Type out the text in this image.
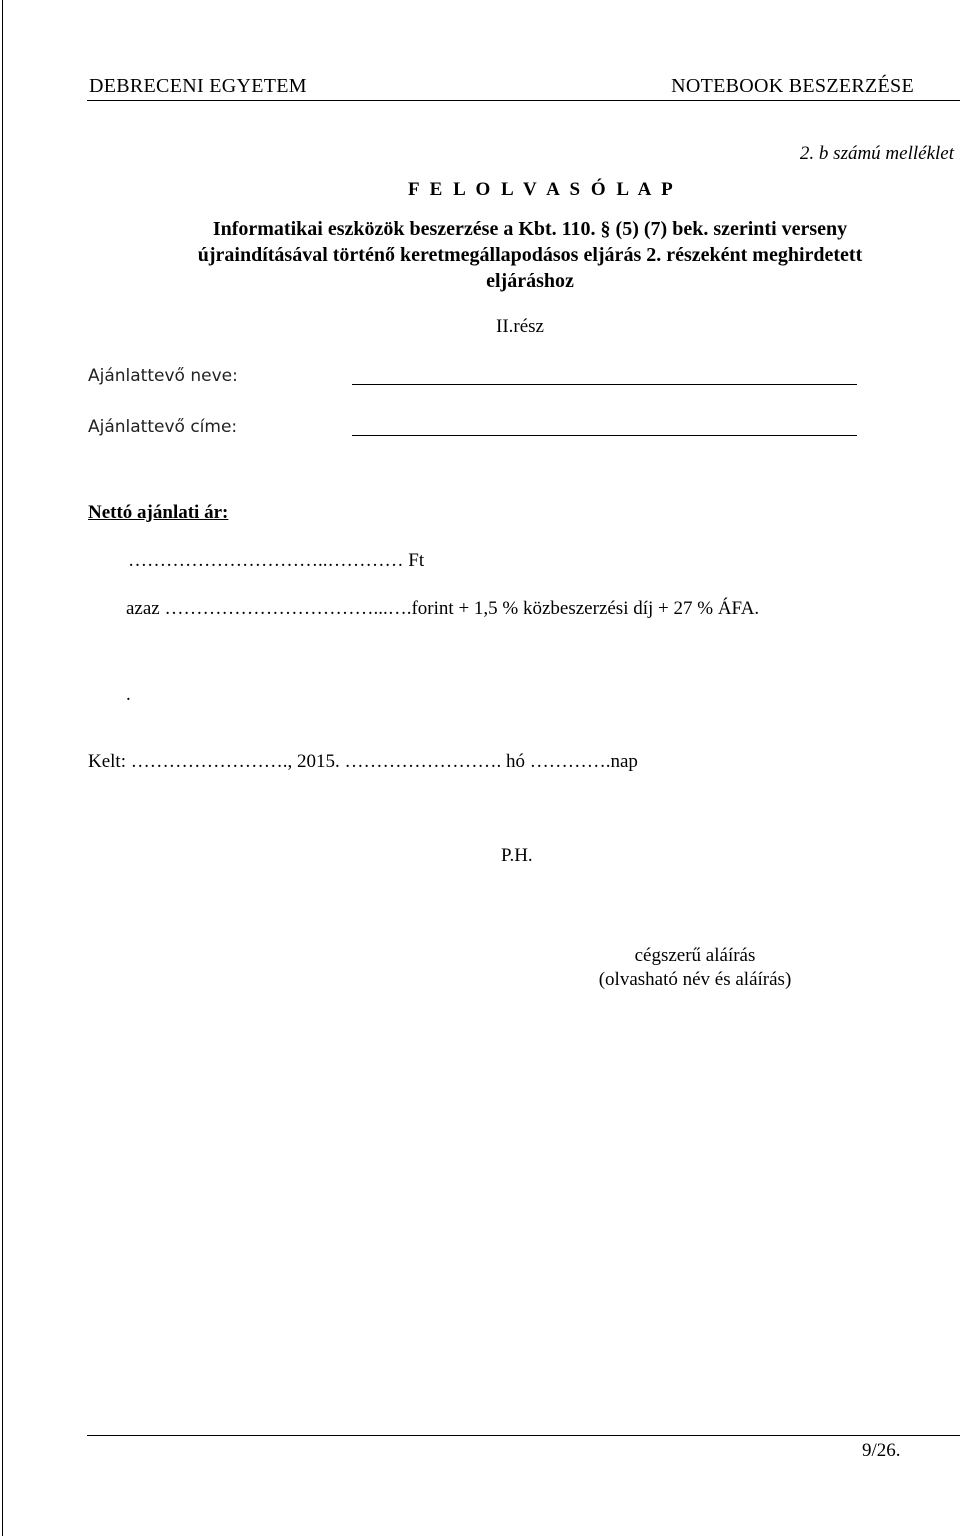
DEBRECENI EGYETEM	NOTEBOOK BESZERZÉSE
2. b számú melléklet
F E L O L V A S Ó L A P
Informatikai eszközök beszerzése a Kbt. 110. § (5) (7) bek. szerinti verseny
újraindításával történő keretmegállapodásos eljárás 2. részeként meghirdetett
eljáráshoz
II.rész
Ajánlattevő neve:
Ajánlattevő címe:
Nettó ajánlati ár:
…………………………..………… Ft
azaz ……………………………...….forint + 1,5 % közbeszerzési díj + 27 % ÁFA.
.
Kelt: ……………………., 2015. ……………………. hó ………….nap
P.H.
cégszerű aláírás
(olvasható név és aláírás)
9/26.
